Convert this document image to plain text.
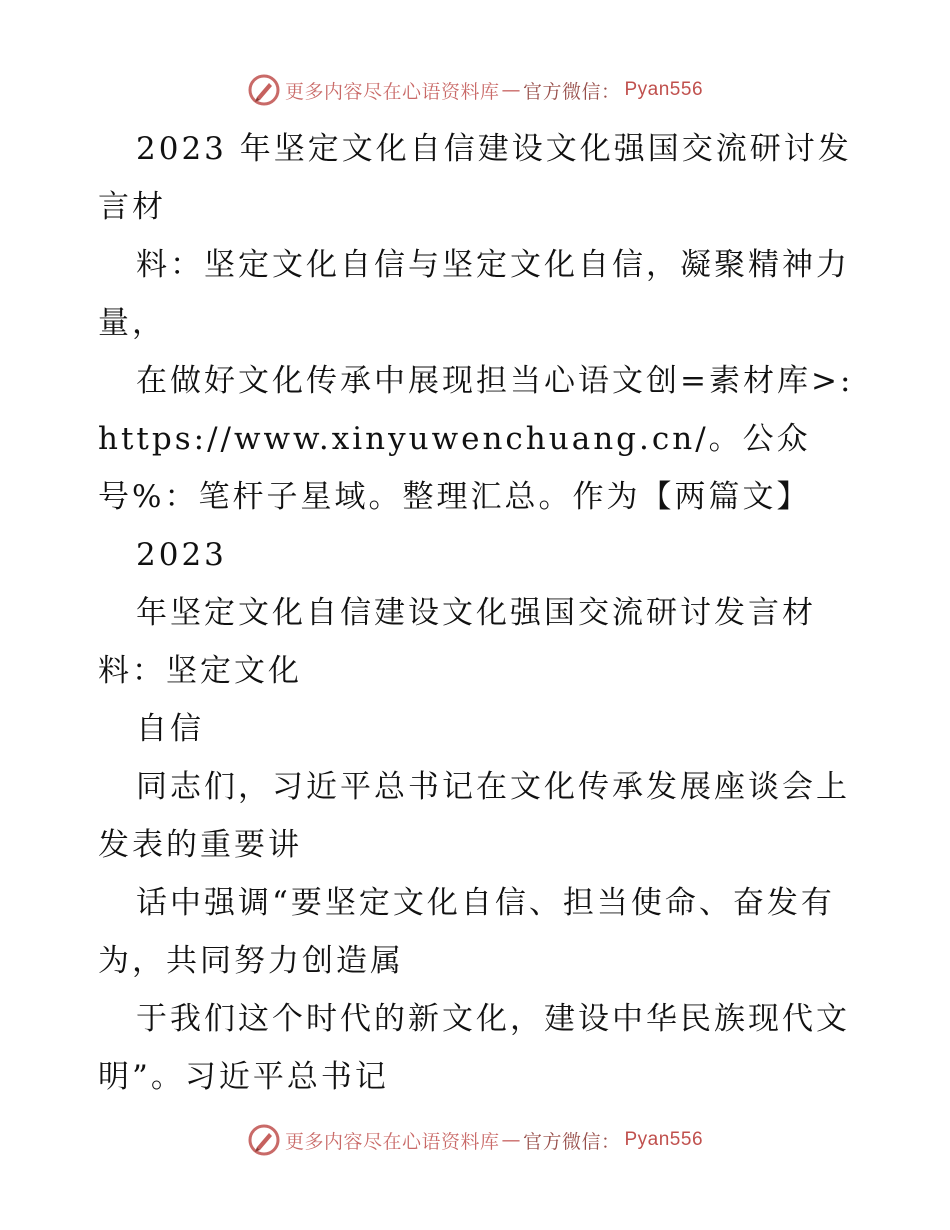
更多内容尽在心语资料库 — 官方微信： Pyan556

2023 年坚定文化自信建设文化强国交流研讨发言材

料：坚定文化自信与坚定文化自信，凝聚精神力量，

在做好文化传承中展现担当心语文创=素材库>: https://www.xinyuwenchuang.cn/。公众号%：笔杆子星域。整理汇总。作为【两篇文】

2023

年坚定文化自信建设文化强国交流研讨发言材料：坚定文化

自信

同志们，习近平总书记在文化传承发展座谈会上发表的重要讲

话中强调“要坚定文化自信、担当使命、奋发有为，共同努力创造属

于我们这个时代的新文化，建设中华民族现代文明”。习近平总书记

更多内容尽在心语资料库 — 官方微信： Pyan556
